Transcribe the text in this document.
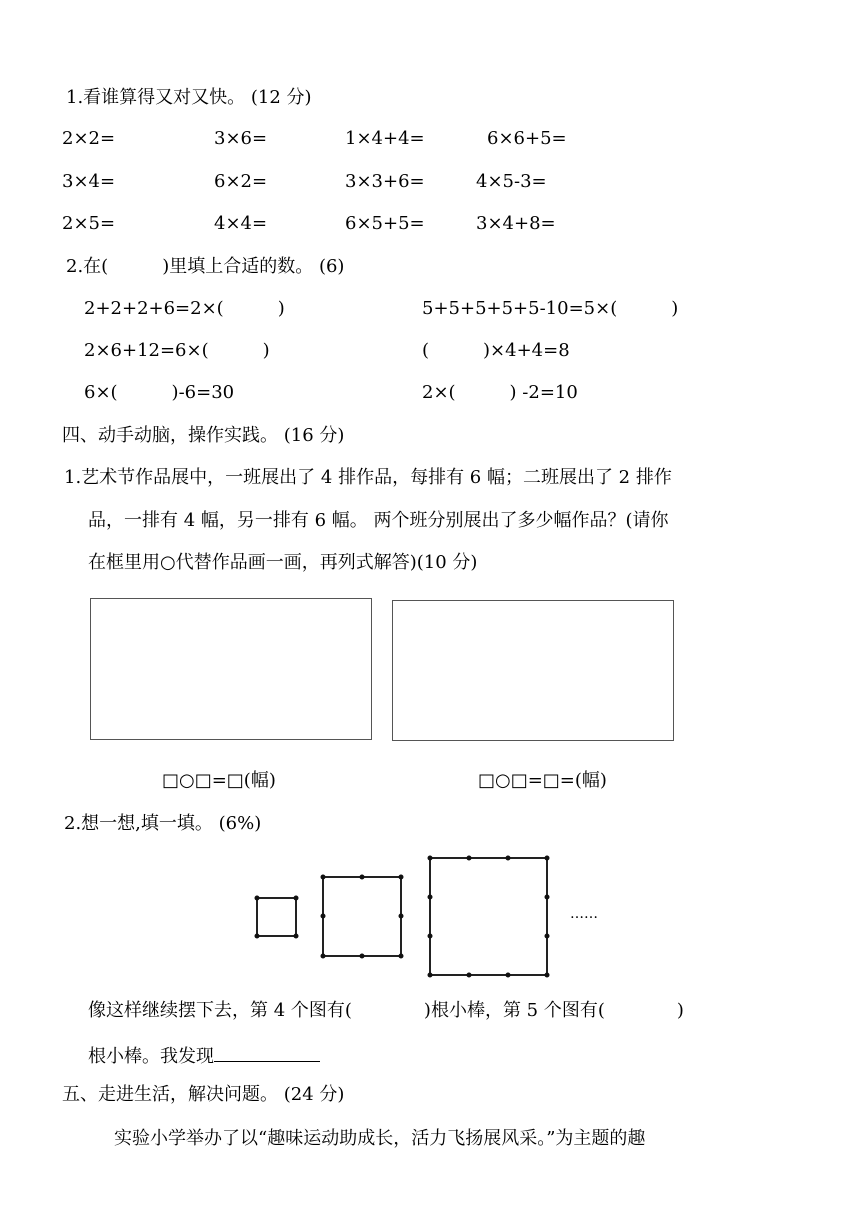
1.看谁算得又对又快。 (12 分)
2×2=	3×6=	1×4+4=	6×6+5=
3×4=	6×2=	3×3+6=	4×5-3=
2×5=	4×4=	6×5+5=	3×4+8=
2.在(　　　)里填上合适的数。 (6)
2+2+2+6=2×(　　　)	5+5+5+5+5-10=5×(　　　)
2×6+12=6×(　　　)	(　　　)×4+4=8
6×(　　　)-6=30	2×(　　　) -2=10
四、动手动脑，操作实践。 (16 分)
1.艺术节作品展中，一班展出了 4 排作品，每排有 6 幅；二班展出了 2 排作
品，一排有 4 幅，另一排有 6 幅。 两个班分别展出了多少幅作品？(请你
在框里用○代替作品画一画，再列式解答)(10 分)
□○□=□(幅)	□○□=□=(幅)
2.想一想,填一填。 (6%)
……
像这样继续摆下去，第 4 个图有(　　　　)根小棒，第 5 个图有(　　　　)
根小棒。我发现
五、走进生活，解决问题。 (24 分)
实验小学举办了以“趣味运动助成长，活力飞扬展风采。”为主题的趣
